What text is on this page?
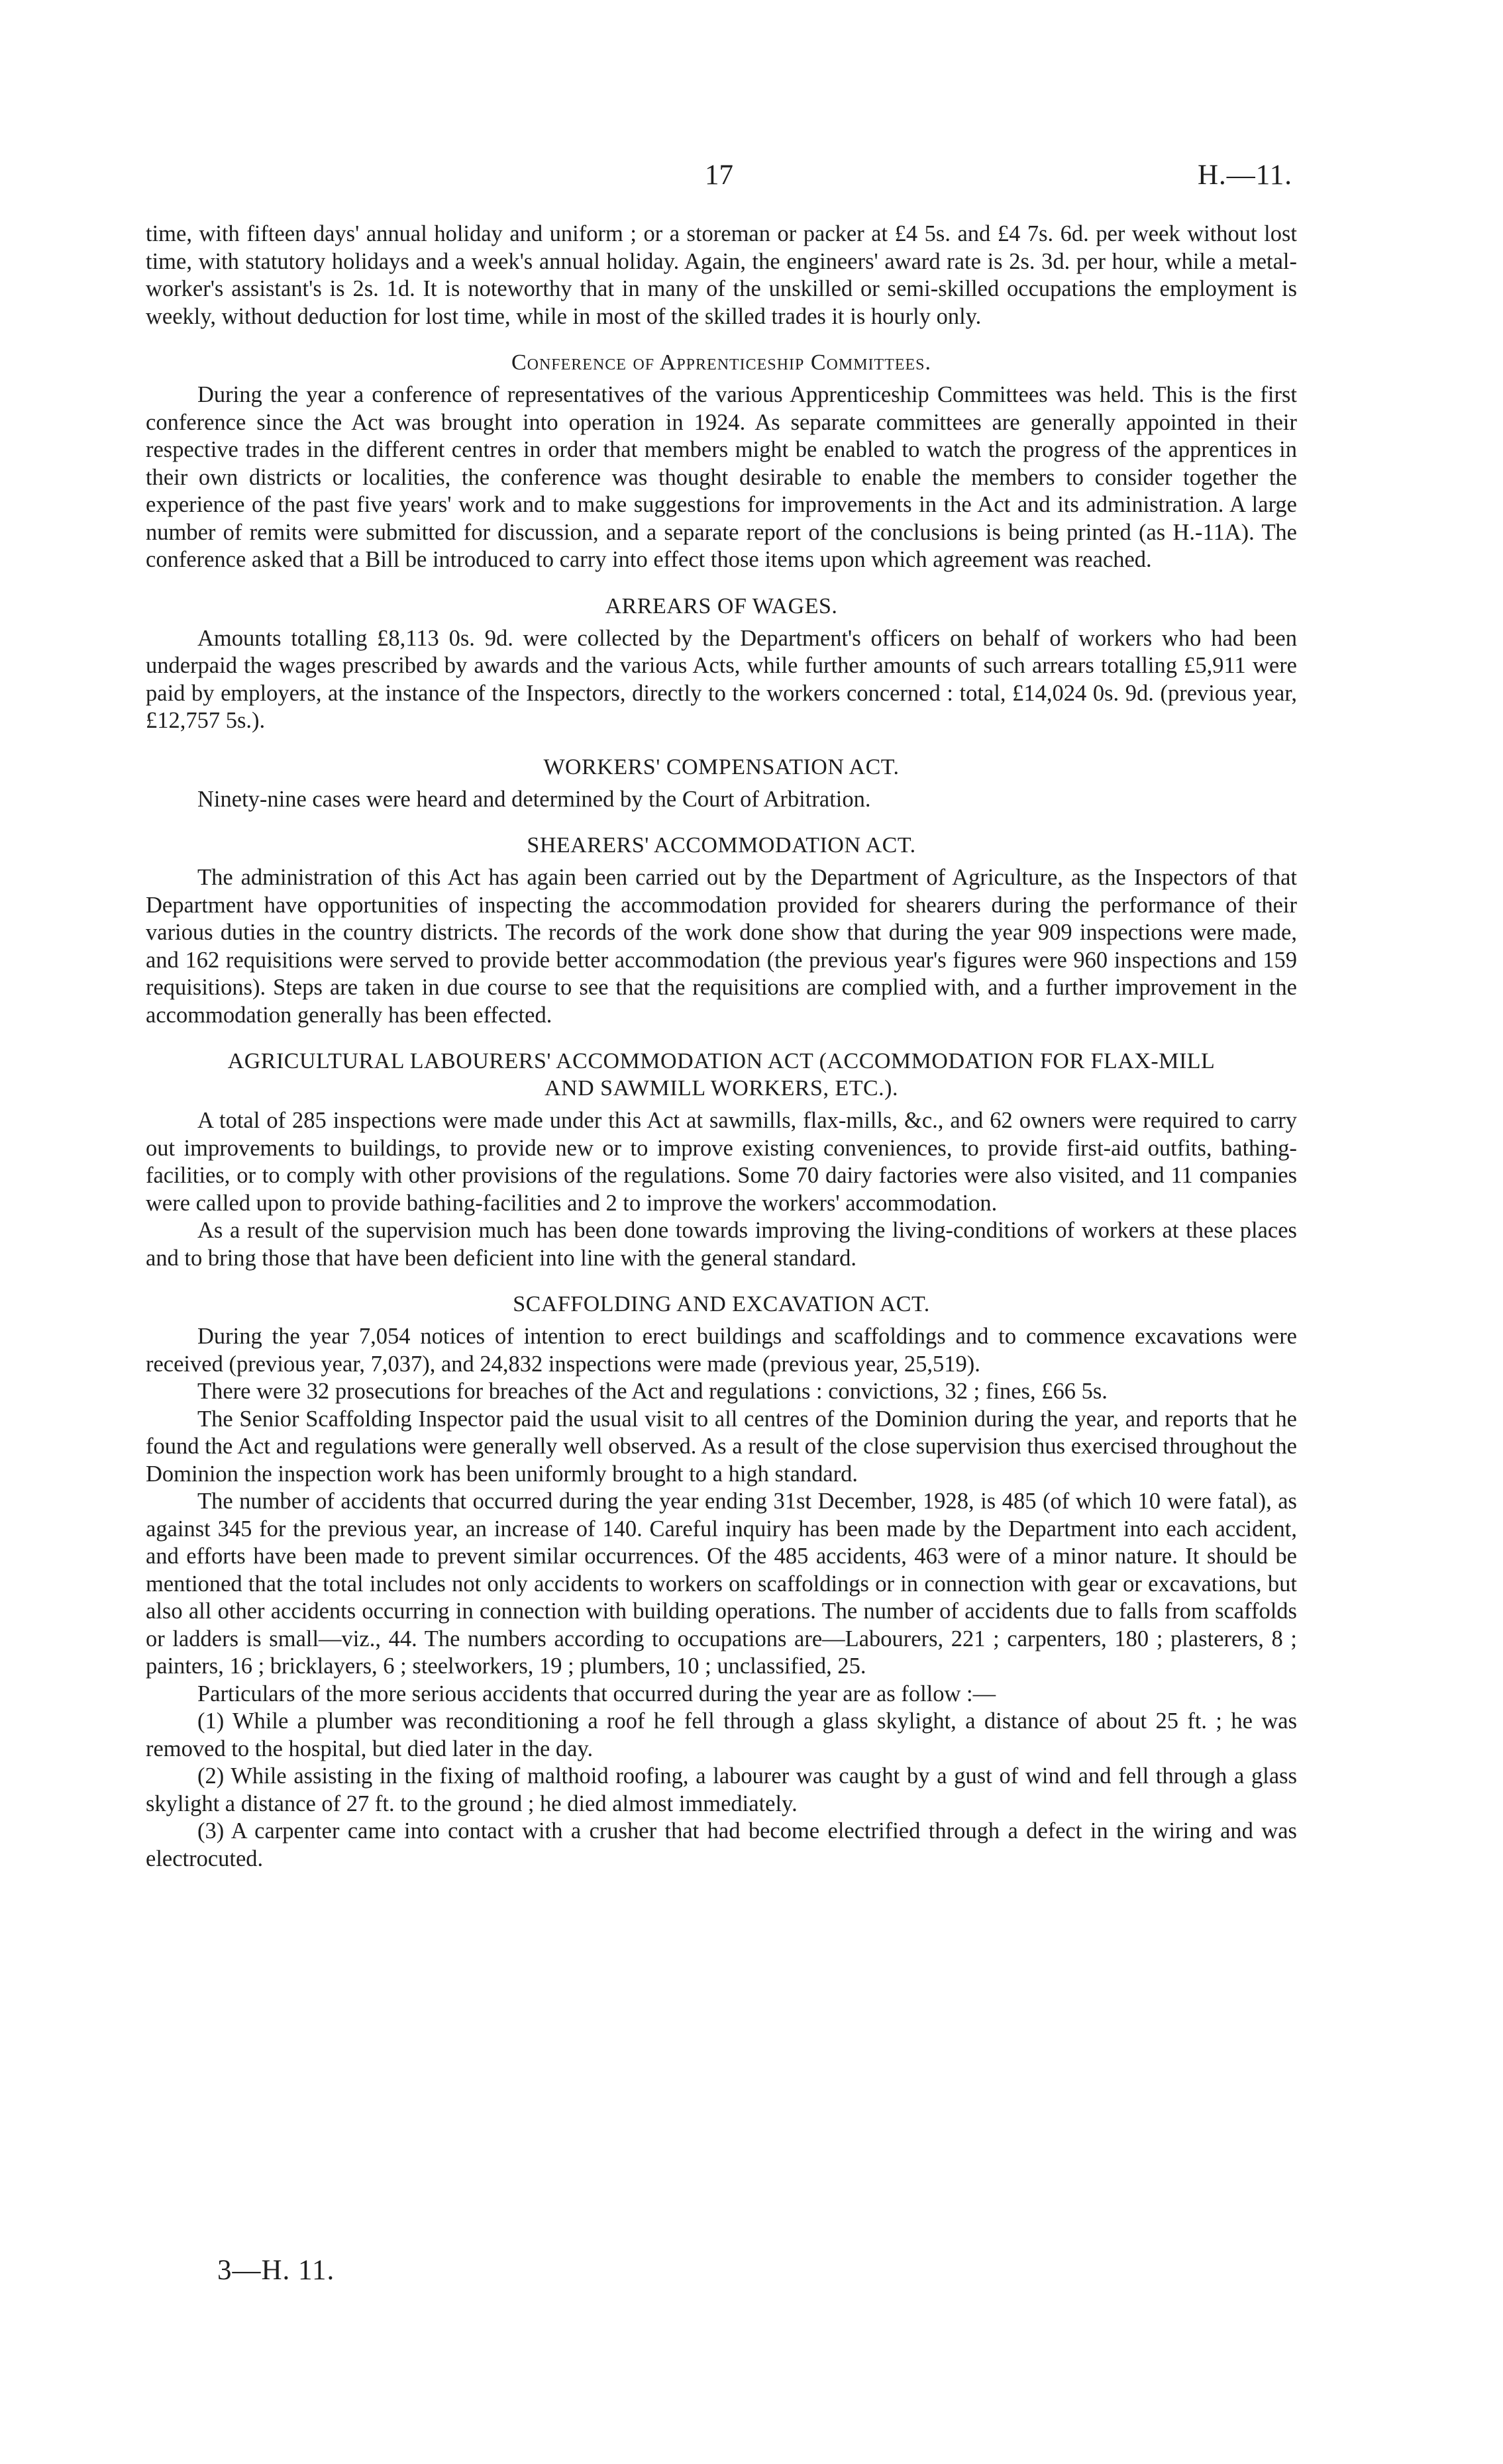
17	H.—11.

time, with fifteen days' annual holiday and uniform ; or a storeman or packer at £4 5s. and £4 7s. 6d. per week without lost time, with statutory holidays and a week's annual holiday. Again, the engineers' award rate is 2s. 3d. per hour, while a metal-worker's assistant's is 2s. 1d. It is noteworthy that in many of the unskilled or semi-skilled occupations the employment is weekly, without deduction for lost time, while in most of the skilled trades it is hourly only.

Conference of Apprenticeship Committees.

During the year a conference of representatives of the various Apprenticeship Committees was held. This is the first conference since the Act was brought into operation in 1924. As separate committees are generally appointed in their respective trades in the different centres in order that members might be enabled to watch the progress of the apprentices in their own districts or localities, the conference was thought desirable to enable the members to consider together the experience of the past five years' work and to make suggestions for improvements in the Act and its administration. A large number of remits were submitted for discussion, and a separate report of the conclusions is being printed (as H.-11A). The conference asked that a Bill be introduced to carry into effect those items upon which agreement was reached.

ARREARS OF WAGES.

Amounts totalling £8,113 0s. 9d. were collected by the Department's officers on behalf of workers who had been underpaid the wages prescribed by awards and the various Acts, while further amounts of such arrears totalling £5,911 were paid by employers, at the instance of the Inspectors, directly to the workers concerned : total, £14,024 0s. 9d. (previous year, £12,757 5s.).

WORKERS' COMPENSATION ACT.

Ninety-nine cases were heard and determined by the Court of Arbitration.

SHEARERS' ACCOMMODATION ACT.

The administration of this Act has again been carried out by the Department of Agriculture, as the Inspectors of that Department have opportunities of inspecting the accommodation provided for shearers during the performance of their various duties in the country districts. The records of the work done show that during the year 909 inspections were made, and 162 requisitions were served to provide better accommodation (the previous year's figures were 960 inspections and 159 requisitions). Steps are taken in due course to see that the requisitions are complied with, and a further improvement in the accommodation generally has been effected.

AGRICULTURAL LABOURERS' ACCOMMODATION ACT (ACCOMMODATION FOR FLAX-MILL AND SAWMILL WORKERS, ETC.).

A total of 285 inspections were made under this Act at sawmills, flax-mills, &c., and 62 owners were required to carry out improvements to buildings, to provide new or to improve existing conveniences, to provide first-aid outfits, bathing-facilities, or to comply with other provisions of the regulations. Some 70 dairy factories were also visited, and 11 companies were called upon to provide bathing-facilities and 2 to improve the workers' accommodation.

As a result of the supervision much has been done towards improving the living-conditions of workers at these places and to bring those that have been deficient into line with the general standard.

SCAFFOLDING AND EXCAVATION ACT.

During the year 7,054 notices of intention to erect buildings and scaffoldings and to commence excavations were received (previous year, 7,037), and 24,832 inspections were made (previous year, 25,519).

There were 32 prosecutions for breaches of the Act and regulations : convictions, 32 ; fines, £66 5s.

The Senior Scaffolding Inspector paid the usual visit to all centres of the Dominion during the year, and reports that he found the Act and regulations were generally well observed. As a result of the close supervision thus exercised throughout the Dominion the inspection work has been uniformly brought to a high standard.

The number of accidents that occurred during the year ending 31st December, 1928, is 485 (of which 10 were fatal), as against 345 for the previous year, an increase of 140. Careful inquiry has been made by the Department into each accident, and efforts have been made to prevent similar occurrences. Of the 485 accidents, 463 were of a minor nature. It should be mentioned that the total includes not only accidents to workers on scaffoldings or in connection with gear or excavations, but also all other accidents occurring in connection with building operations. The number of accidents due to falls from scaffolds or ladders is small—viz., 44. The numbers according to occupations are—Labourers, 221 ; carpenters, 180 ; plasterers, 8 ; painters, 16 ; bricklayers, 6 ; steelworkers, 19 ; plumbers, 10 ; unclassified, 25.

Particulars of the more serious accidents that occurred during the year are as follow :—

(1) While a plumber was reconditioning a roof he fell through a glass skylight, a distance of about 25 ft. ; he was removed to the hospital, but died later in the day.

(2) While assisting in the fixing of malthoid roofing, a labourer was caught by a gust of wind and fell through a glass skylight a distance of 27 ft. to the ground ; he died almost immediately.

(3) A carpenter came into contact with a crusher that had become electrified through a defect in the wiring and was electrocuted.

3—H. 11.
